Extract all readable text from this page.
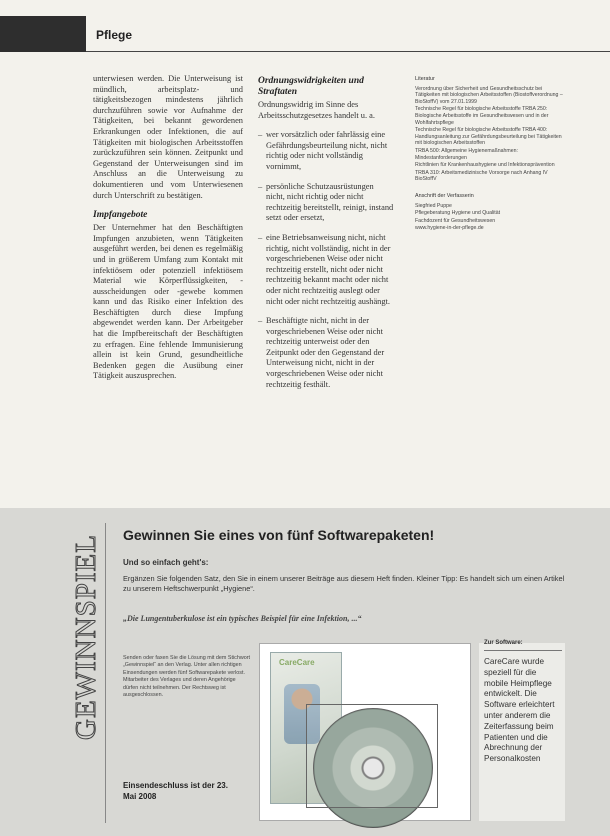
Pflege

unterwiesen werden. Die Unterweisung ist mündlich, arbeitsplatz- und tätigkeitsbezogen mindestens jährlich durchzuführen sowie vor Aufnahme der Tätigkeiten, bei bekannt gewordenen Erkrankungen oder Infektionen, die auf Tätigkeiten mit biologischen Arbeitsstoffen zurückzuführen sein können. Zeitpunkt und Gegenstand der Unterweisungen sind im Anschluss an die Unterweisung zu dokumentieren und vom Unterwiesenen durch Unterschrift zu bestätigen.

Impfangebote

Der Unternehmer hat den Beschäftigten Impfungen anzubieten, wenn Tätigkeiten ausgeführt werden, bei denen es regelmäßig und in größerem Umfang zum Kontakt mit infektiösem oder potenziell infektiösem Material wie Körperflüssigkeiten, -ausscheidungen oder -gewebe kommen kann und das Risiko einer Infektion des Beschäftigten durch diese Impfung abgewendet werden kann. Der Arbeitgeber hat die Impfbereitschaft der Beschäftigten zu erfragen. Eine fehlende Immunisierung allein ist kein Grund, gesundheitliche Bedenken gegen die Ausübung einer Tätigkeit auszusprechen.

Ordnungswidrigkeiten und Straftaten

Ordnungswidrig im Sinne des Arbeitsschutzgesetzes handelt u. a.

– wer vorsätzlich oder fahrlässig eine Gefährdungsbeurteilung nicht, nicht richtig oder nicht vollständig vornimmt,
– persönliche Schutzausrüstungen nicht, nicht richtig oder nicht rechtzeitig bereitstellt, reinigt, instand setzt oder ersetzt,
– eine Betriebsanweisung nicht, nicht richtig, nicht vollständig, nicht in der vorgeschriebenen Weise oder nicht rechtzeitig erstellt, nicht oder nicht rechtzeitig bekannt macht oder nicht oder nicht rechtzeitig auslegt oder nicht oder nicht rechtzeitig aushängt.
– Beschäftigte nicht, nicht in der vorgeschriebenen Weise oder nicht rechtzeitig unterweist oder den Zeitpunkt oder den Gegenstand der Unterweisung nicht, nicht in der vorgeschriebenen Weise oder nicht rechtzeitig festhält.
Literatur
Verordnung über Sicherheit und Gesundheitsschutz bei Tätigkeiten mit biologischen Arbeitsstoffen (Biostoffverordnung – BioStoffV) vom 27.01.1999
Technische Regel für biologische Arbeitsstoffe TRBA 250: Biologische Arbeitsstoffe im Gesundheitswesen und in der Wohlfahrtspflege
Technische Regel für biologische Arbeitsstoffe TRBA 400: Handlungsanleitung zur Gefährdungsbeurteilung bei Tätigkeiten mit biologischen Arbeitsstoffen
TRBA 500: Allgemeine Hygienemaßnahmen: Mindestanforderungen
Richtlinien für Krankenhaushygiene und Infektionsprävention
TRBA 310: Arbeitsmedizinische Vorsorge nach Anhang IV BioStoffV
Anschrift der Verfasserin
Siegfried Puppe
Pflegeberatung Hygiene und Qualität
Fachdozent für Gesundheitswesen
www.hygiene-in-der-pflege.de
GEWINNSPIEL Gewinnen Sie eines von fünf Softwarepaketen!
Und so einfach geht's:
Ergänzen Sie folgenden Satz, den Sie in einem unserer Beiträge aus diesem Heft finden. Kleiner Tipp: Es handelt sich um einen Artikel zu unserem Heftschwerpunkt „Hygiene“.
„Die Lungentuberkulose ist ein typisches Beispiel für eine Infektion, ...“
Senden oder faxen Sie die Lösung mit dem Stichwort „Gewinnspiel“ an den Verlag. Unter allen richtigen Einsendungen werden fünf Softwarepakete verlost. Mitarbeiter des Verlages und deren Angehörige dürfen nicht teilnehmen. Der Rechtsweg ist ausgeschlossen.
Einsendeschluss ist der 23. Mai 2008
CareCare
Zur Software:
CareCare wurde speziell für die mobile Heimpflege entwickelt. Die Software erleichtert unter anderem die Zeiterfassung beim Patienten und die Abrechnung der Personalkosten
